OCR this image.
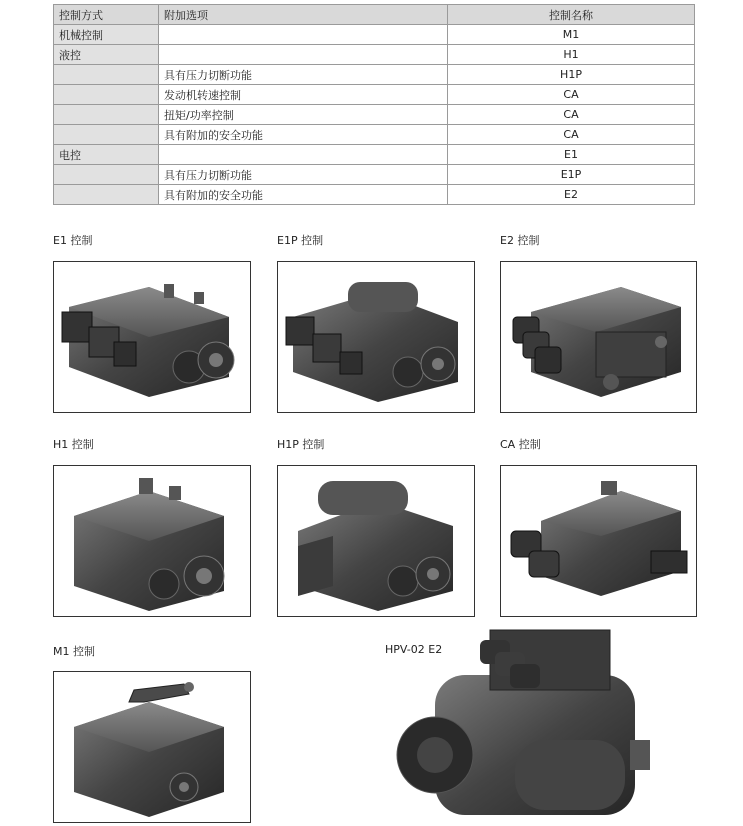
控制方式	附加选项	控制名称
机械控制		M1
液控		H1
	具有压力切断功能	H1P
	发动机转速控制	CA
	扭矩/功率控制	CA
	具有附加的安全功能	CA
电控		E1
	具有压力切断功能	E1P
	具有附加的安全功能	E2
E1 控制	E1P 控制	E2 控制
H1 控制	H1P 控制	CA 控制
M1 控制	HPV-02 E2
